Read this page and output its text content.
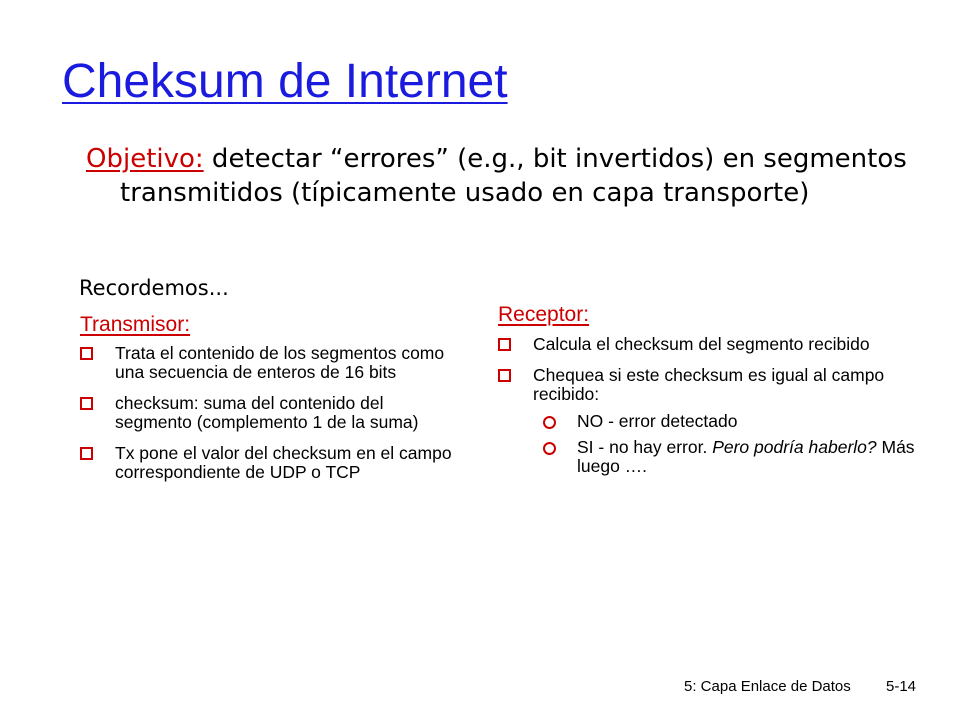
Cheksum de Internet
Objetivo: detectar “errores” (e.g., bit invertidos) en segmentos transmitidos (típicamente usado en capa transporte)
Recordemos...
Transmisor:
Trata el contenido de los segmentos como una secuencia de enteros de 16 bits
checksum: suma del contenido del segmento (complemento 1 de la suma)
Tx pone el valor del checksum en el campo correspondiente de UDP o TCP
Receptor:
Calcula el checksum del segmento recibido
Chequea si este checksum es igual al campo recibido:
NO - error detectado
SI - no hay error. Pero podría haberlo? Más luego ….
5: Capa Enlace de Datos 5-14
